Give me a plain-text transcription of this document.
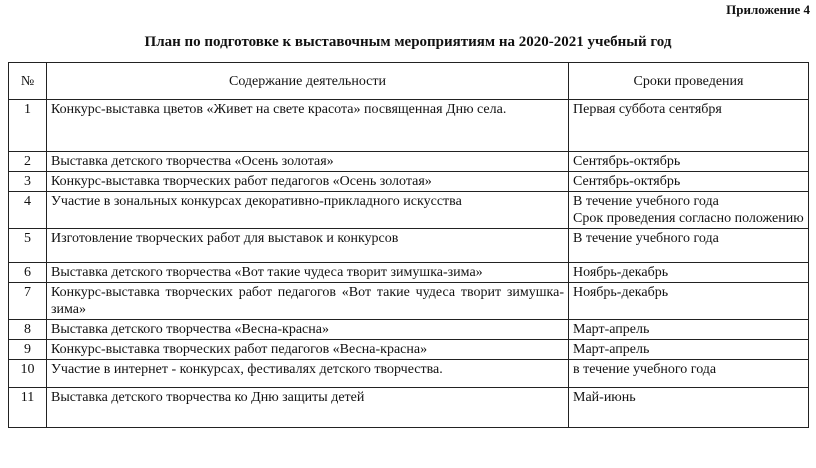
Приложение 4
План по подготовке к выставочным мероприятиям на 2020-2021 учебный год
№	Содержание деятельности	Сроки проведения
1	Конкурс-выставка цветов «Живет на свете красота» посвященная Дню села.	Первая суббота сентября
2	Выставка детского творчества «Осень золотая»	Сентябрь-октябрь
3	Конкурс-выставка творческих работ педагогов «Осень золотая»	Сентябрь-октябрь
4	Участие в зональных конкурсах декоративно-прикладного искусства	В течение учебного года
Срок проведения согласно положению

5	Изготовление творческих работ для выставок и конкурсов	В течение учебного года
6	Выставка детского творчества «Вот такие чудеса творит зимушка-зима»	Ноябрь-декабрь
7	Конкурс-выставка творческих работ педагогов «Вот такие чудеса творит зимушка-зима»	Ноябрь-декабрь
8	Выставка детского творчества «Весна-красна»	Март-апрель
9	Конкурс-выставка творческих работ педагогов «Весна-красна»	Март-апрель
10	Участие в интернет - конкурсах, фестивалях детского творчества.	в течение учебного года
11	Выставка детского творчества ко Дню защиты детей	Май-июнь
